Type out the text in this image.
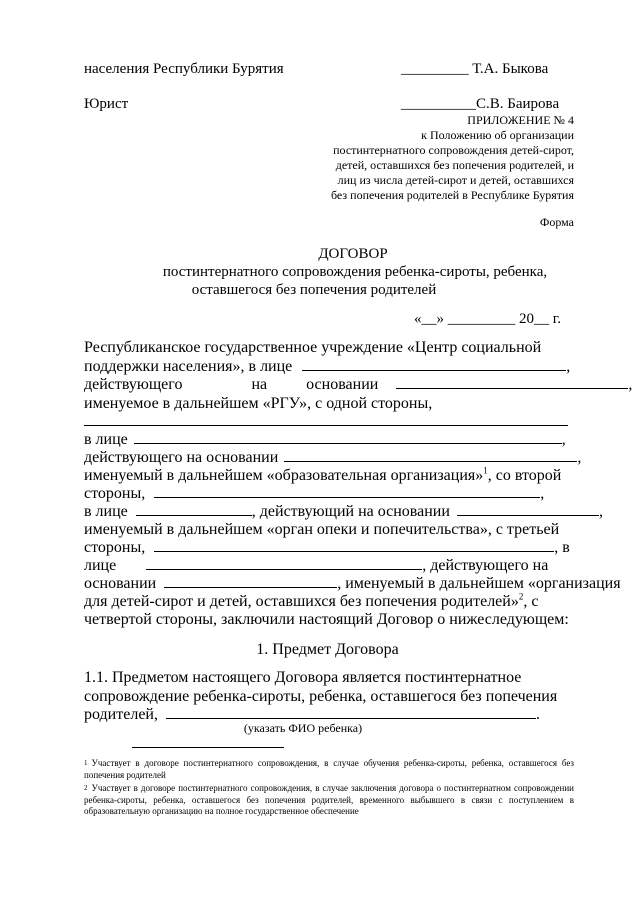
населения Республики Бурятия	_________ Т.А. Быкова
Юрист	__________С.В. Баирова
ПРИЛОЖЕНИЕ № 4
к Положению об организации
постинтернатного сопровождения детей-сирот,
детей, оставшихся без попечения родителей, и
лиц из числа детей-сирот и детей, оставшихся
без попечения родителей в Республике Бурятия
Форма
ДОГОВОР
постинтернатного сопровождения ребенка-сироты, ребенка,
оставшегося без попечения родителей
«__» _________ 20__ г.
Республиканское государственное учреждение «Центр социальной
поддержки населения», в лице	,
действующего	на основании	,
именуемое в дальнейшем «РГУ», с одной стороны,
в лице	,
действующего на основании	,
именуемый в дальнейшем «образовательная организация»$^1$, со второй
стороны,	,
в лице	, действующий на основании	,
именуемый в дальнейшем «орган опеки и попечительства», с третьей
стороны,	, в
лице	, действующего на
основании	, именуемый в дальнейшем «организация
для детей-сирот и детей, оставшихся без попечения родителей»$^2$, с
четвертой стороны, заключили настоящий Договор о нижеследующем:
1. Предмет Договора
1.1. Предметом настоящего Договора является постинтернатное
сопровождение ребенка-сироты, ребенка, оставшегося без попечения
родителей,	.
(указать ФИО ребенка)
$^1$ Участвует в договоре постинтернатного сопровождения, в случае обучения ребенка-сироты, ребенка, оставшегося без попечения родителей
$^2$ Участвует в договоре постинтернатного сопровождения, в случае заключения договора о постинтернатном сопровождении ребенка-сироты, ребенка, оставшегося без попечения родителей, временного выбывшего в связи с поступлением в образовательную организацию на полное государственное обеспечение
